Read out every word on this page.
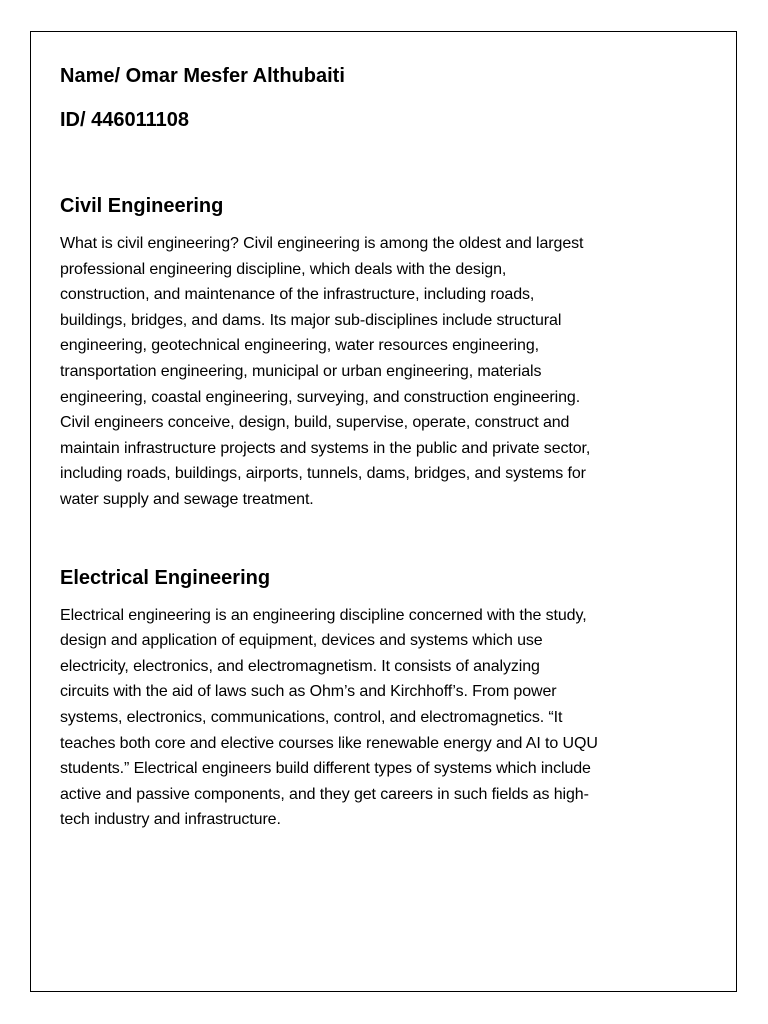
Name/ Omar Mesfer Althubaiti

ID/ 446011108

Civil Engineering

What is civil engineering? Civil engineering is among the oldest and largest
professional engineering discipline, which deals with the design,
construction, and maintenance of the infrastructure, including roads,
buildings, bridges, and dams. Its major sub-disciplines include structural
engineering, geotechnical engineering, water resources engineering,
transportation engineering, municipal or urban engineering, materials
engineering, coastal engineering, surveying, and construction engineering.
Civil engineers conceive, design, build, supervise, operate, construct and
maintain infrastructure projects and systems in the public and private sector,
including roads, buildings, airports, tunnels, dams, bridges, and systems for
water supply and sewage treatment.

Electrical Engineering

Electrical engineering is an engineering discipline concerned with the study,
design and application of equipment, devices and systems which use
electricity, electronics, and electromagnetism. It consists of analyzing
circuits with the aid of laws such as Ohm’s and Kirchhoff’s. From power
systems, electronics, communications, control, and electromagnetics. “It
teaches both core and elective courses like renewable energy and AI to UQU
students.” Electrical engineers build different types of systems which include
active and passive components, and they get careers in such fields as high-
tech industry and infrastructure.
